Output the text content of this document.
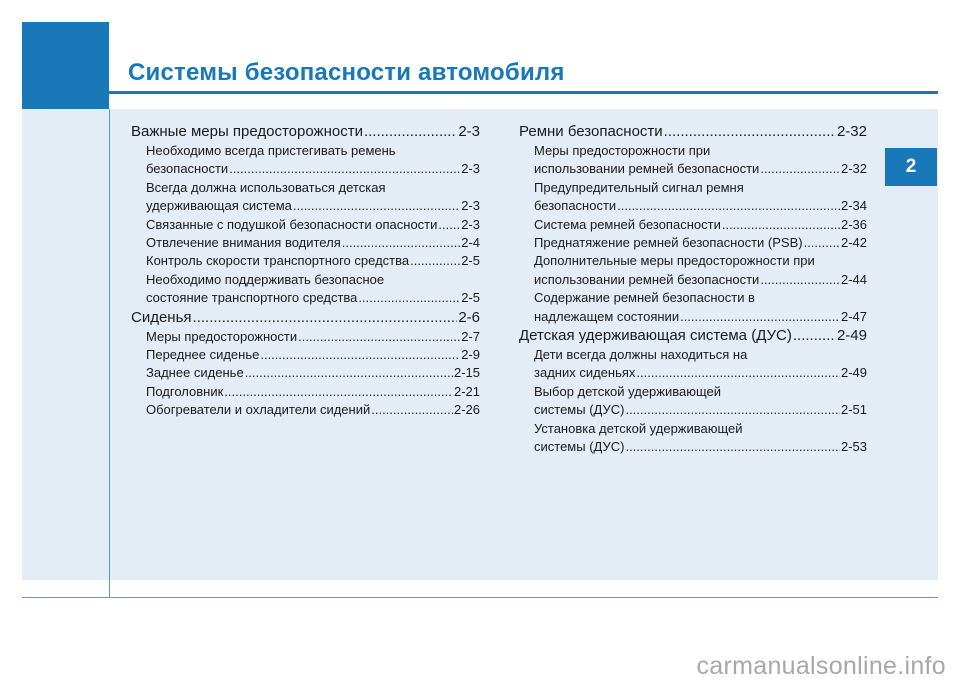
Системы безопасности автомобиля
2
Важные меры предосторожности .....	2-3
Необходимо всегда пристегивать ремень
безопасности .....	2-3
Всегда должна использоваться детская
удерживающая система .....	2-3
Связанные с подушкой безопасности опасности ..... 2-3
Отвлечение внимания водителя .....	2-4
Контроль скорости транспортного средства .....	2-5
Необходимо поддерживать безопасное
состояние транспортного средства .....	2-5
Сиденья .....	2-6
Меры предосторожности .....	2-7
Переднее сиденье .....	2-9
Заднее сиденье .....	2-15
Подголовник .....	2-21
Обогреватели и охладители сидений .....	2-26
Ремни безопасности .....	2-32
Меры предосторожности при
использовании ремней безопасности .....	2-32
Предупредительный сигнал ремня
безопасности .....	2-34
Система ремней безопасности .....	2-36
Преднатяжение ремней безопасности (PSB) .....	2-42
Дополнительные меры предосторожности при
использовании ремней безопасности .....	2-44
Содержание ремней безопасности в
надлежащем состоянии .....	2-47
Детская удерживающая система (ДУС) .....	2-49
Дети всегда должны находиться на
задних сиденьях .....	2-49
Выбор детской удерживающей
системы (ДУС) .....	2-51
Установка детской удерживающей
системы (ДУС) .....	2-53
carmanualsonline.info
